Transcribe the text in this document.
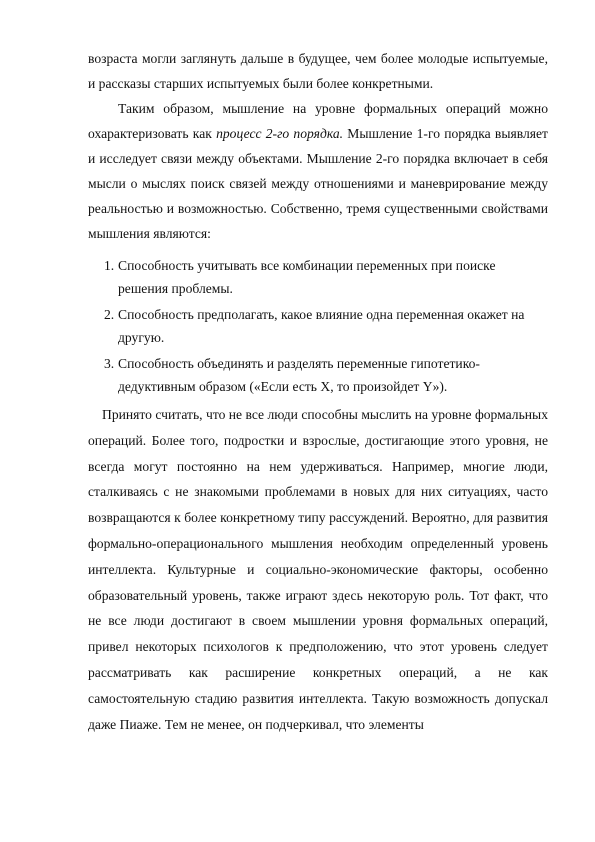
возраста могли заглянуть дальше в будущее, чем более молодые испытуемые, и рассказы старших испытуемых были более конкретными.

Таким образом, мышление на уровне формальных операций можно охарактеризовать как процесс 2-го порядка. Мышление 1-го порядка выявляет и исследует связи между объектами. Мышление 2-го порядка включает в себя мысли о мыслях поиск связей между отношениями и маневрирование между реальностью и возможностью. Собственно, тремя существенными свойствами мышления являются:

1. Способность учитывать все комбинации переменных при поиске решения проблемы.
2. Способность предполагать, какое влияние одна переменная окажет на другую.
3. Способность объединять и разделять переменные гипотетико-дедуктивным образом («Если есть X, то произойдет Y»).

Принято считать, что не все люди способны мыслить на уровне формальных операций. Более того, подростки и взрослые, достигающие этого уровня, не всегда могут постоянно на нем удерживаться. Например, многие люди, сталкиваясь с не знакомыми проблемами в новых для них ситуациях, часто возвращаются к более конкретному типу рассуждений. Вероятно, для развития формально-операционального мышления необходим определенный уровень интеллекта. Культурные и социально-экономические факторы, особенно образовательный уровень, также играют здесь некоторую роль. Тот факт, что не все люди достигают в своем мышлении уровня формальных операций, привел некоторых психологов к предположению, что этот уровень следует рассматривать как расширение конкретных операций, а не как самостоятельную стадию развития интеллекта. Такую возможность допускал даже Пиаже. Тем не менее, он подчеркивал, что элементы
